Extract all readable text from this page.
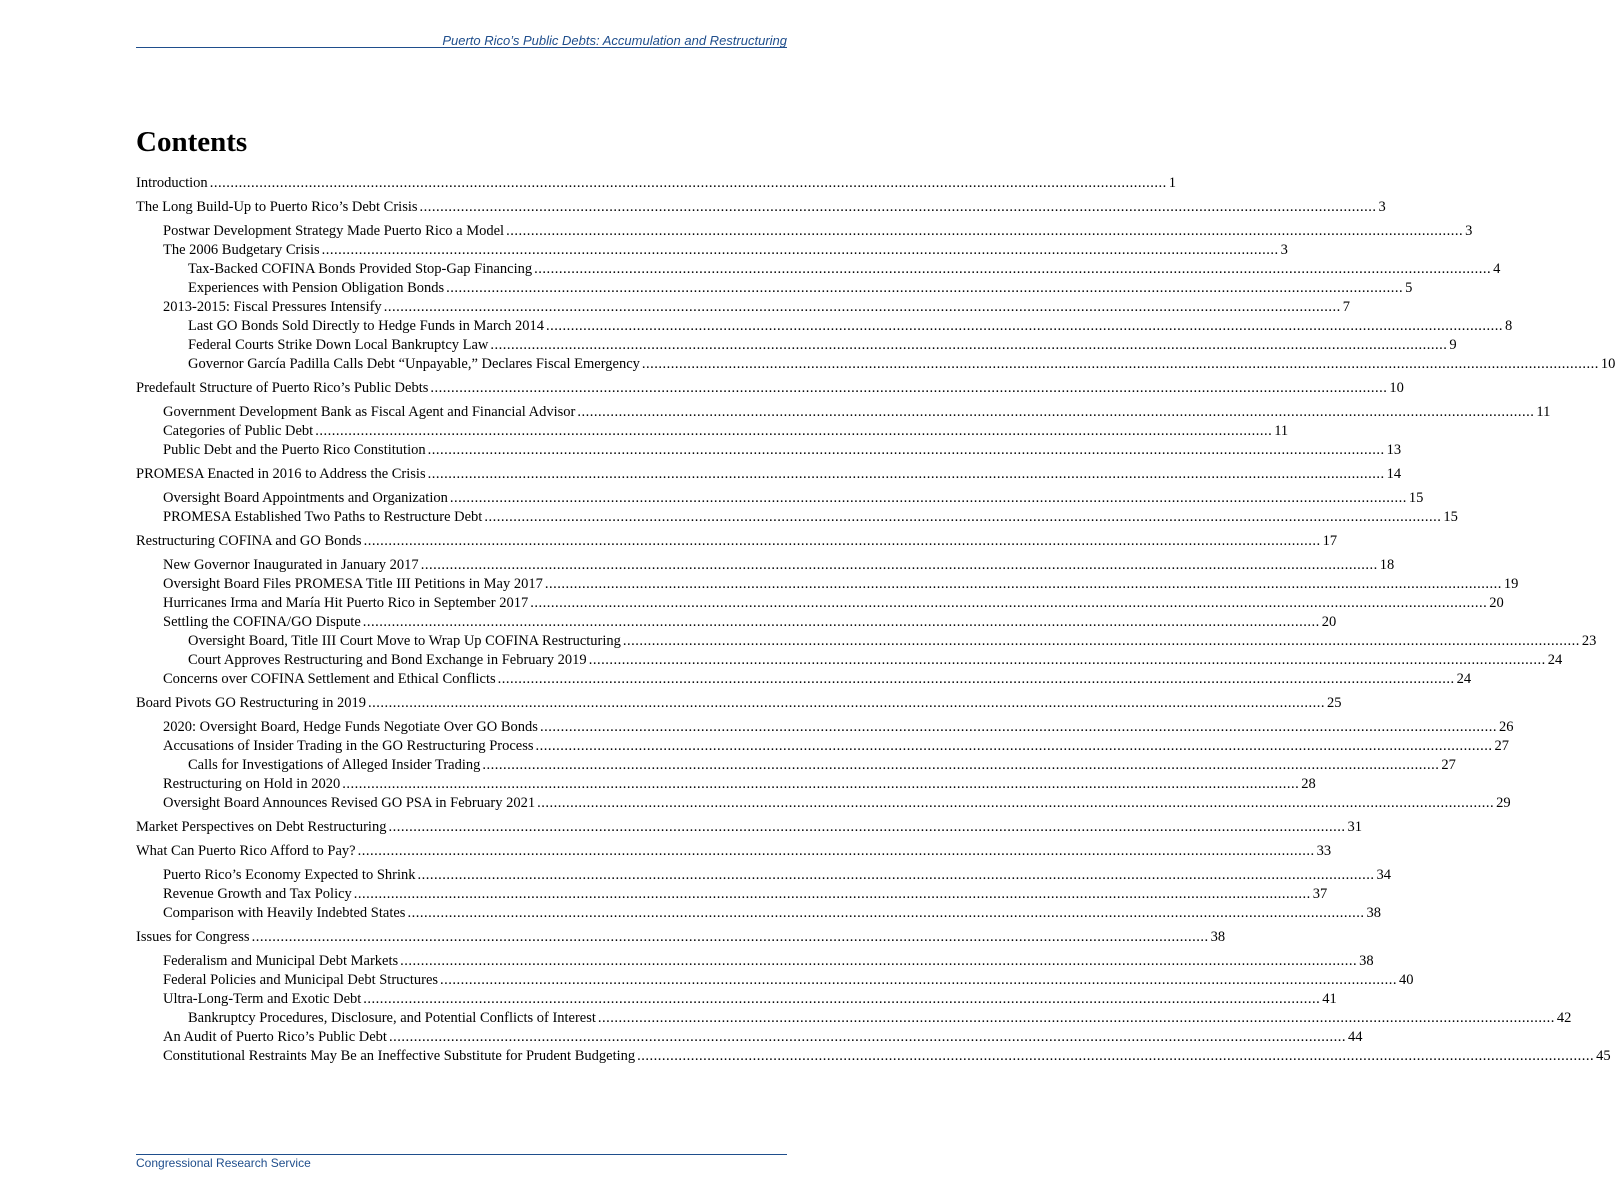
Puerto Rico’s Public Debts: Accumulation and Restructuring
Contents
Introduction .....	1
The Long Build-Up to Puerto Rico’s Debt Crisis .....	3
Postwar Development Strategy Made Puerto Rico a Model .....	3
The 2006 Budgetary Crisis .....	3
Tax-Backed COFINA Bonds Provided Stop-Gap Financing .....	4
Experiences with Pension Obligation Bonds .....	5
2013-2015: Fiscal Pressures Intensify .....	7
Last GO Bonds Sold Directly to Hedge Funds in March 2014 .....	8
Federal Courts Strike Down Local Bankruptcy Law .....	9
Governor García Padilla Calls Debt “Unpayable,” Declares Fiscal Emergency .....	10
Predefault Structure of Puerto Rico’s Public Debts .....	10
Government Development Bank as Fiscal Agent and Financial Advisor .....	11
Categories of Public Debt .....	11
Public Debt and the Puerto Rico Constitution .....	13
PROMESA Enacted in 2016 to Address the Crisis .....	14
Oversight Board Appointments and Organization .....	15
PROMESA Established Two Paths to Restructure Debt .....	15
Restructuring COFINA and GO Bonds .....	17
New Governor Inaugurated in January 2017 .....	18
Oversight Board Files PROMESA Title III Petitions in May 2017 .....	19
Hurricanes Irma and María Hit Puerto Rico in September 2017 .....	20
Settling the COFINA/GO Dispute .....	20
Oversight Board, Title III Court Move to Wrap Up COFINA Restructuring .....	23
Court Approves Restructuring and Bond Exchange in February 2019 .....	24
Concerns over COFINA Settlement and Ethical Conflicts .....	24
Board Pivots GO Restructuring in 2019 .....	25
2020: Oversight Board, Hedge Funds Negotiate Over GO Bonds .....	26
Accusations of Insider Trading in the GO Restructuring Process .....	27
Calls for Investigations of Alleged Insider Trading .....	27
Restructuring on Hold in 2020 .....	28
Oversight Board Announces Revised GO PSA in February 2021 .....	29
Market Perspectives on Debt Restructuring .....	31
What Can Puerto Rico Afford to Pay? .....	33
Puerto Rico’s Economy Expected to Shrink .....	34
Revenue Growth and Tax Policy .....	37
Comparison with Heavily Indebted States .....	38
Issues for Congress .....	38
Federalism and Municipal Debt Markets .....	38
Federal Policies and Municipal Debt Structures .....	40
Ultra-Long-Term and Exotic Debt .....	41
Bankruptcy Procedures, Disclosure, and Potential Conflicts of Interest .....	42
An Audit of Puerto Rico’s Public Debt .....	44
Constitutional Restraints May Be an Ineffective Substitute for Prudent Budgeting .....	45
Congressional Research Service
